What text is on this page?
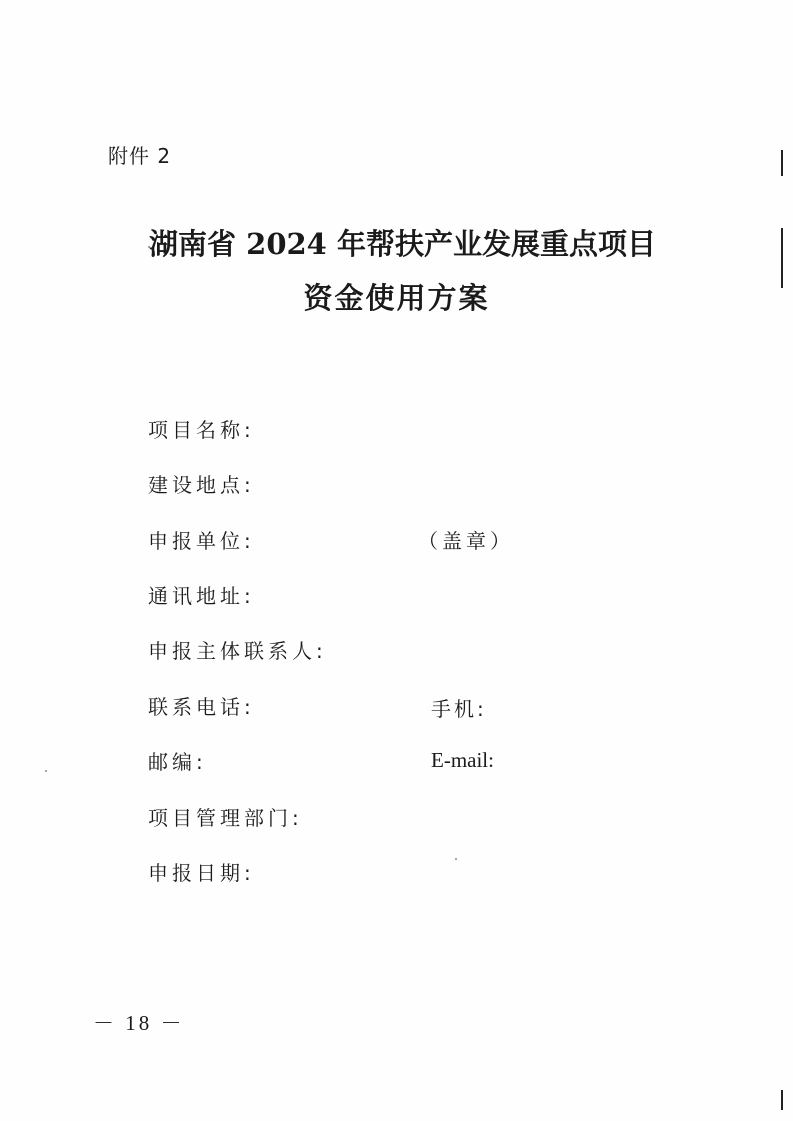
附件 2
湖南省 2024 年帮扶产业发展重点项目
资金使用方案
项目名称:
建设地点:
申报单位:	（盖章）
通讯地址:
申报主体联系人:
联系电话:	手机:
邮编:	E-mail:
项目管理部门:
申报日期:
－ 18 －
